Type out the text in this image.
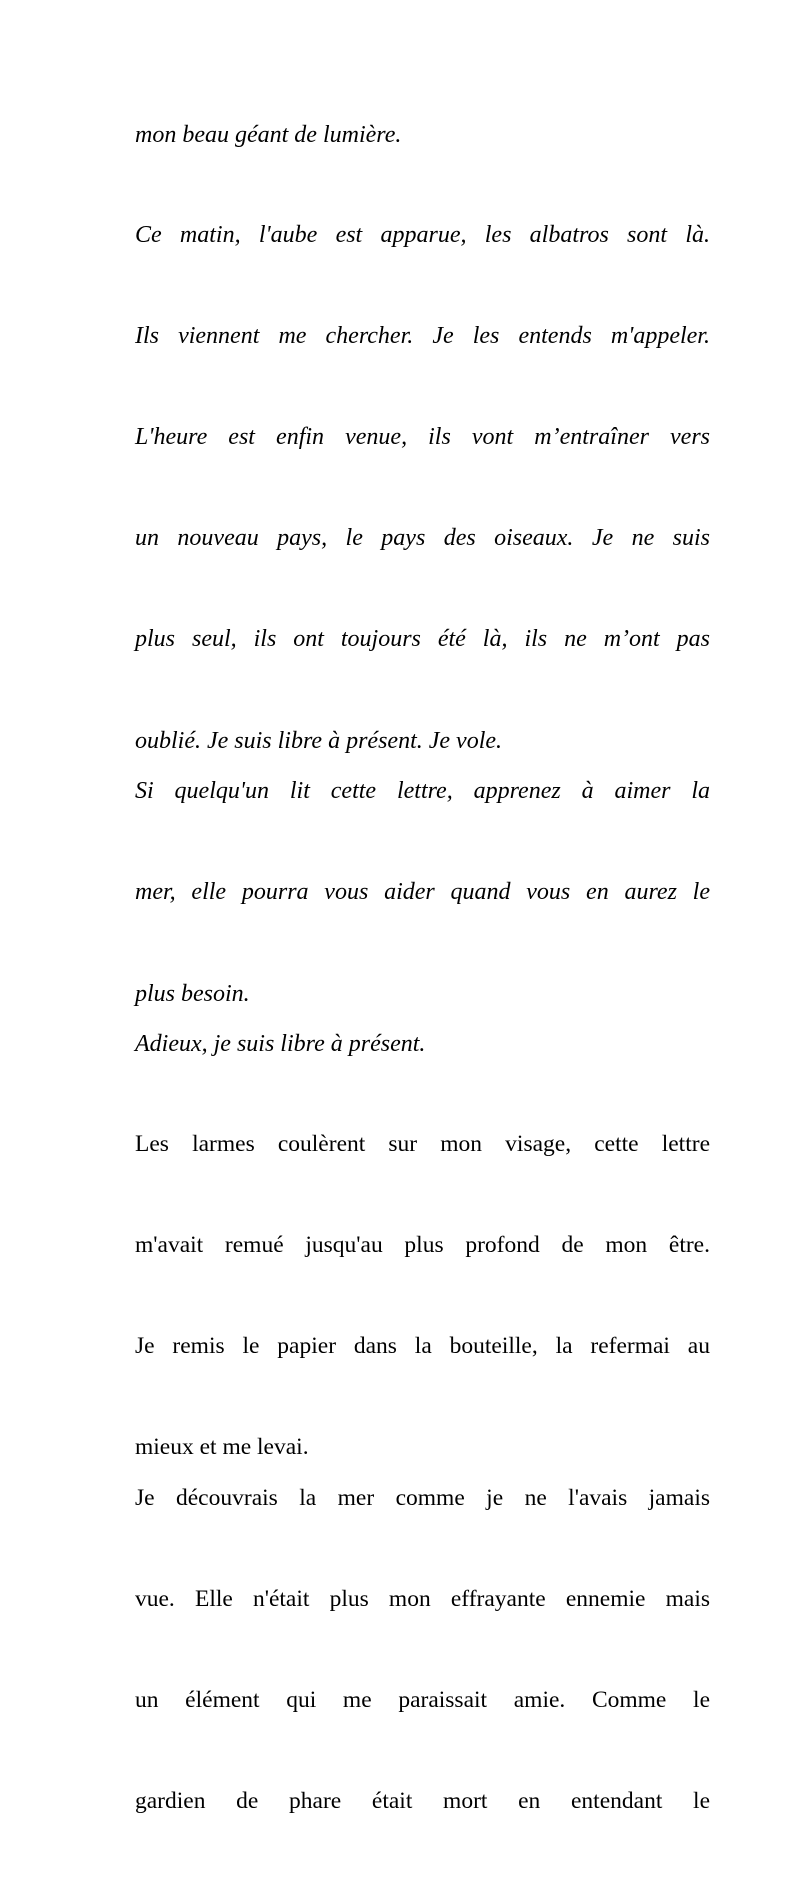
mon beau géant de lumière.

Ce matin, l'aube est apparue, les albatros sont là.
Ils viennent me chercher. Je les entends m'appeler.
L'heure est enfin venue, ils vont m’entraîner vers
un nouveau pays, le pays des oiseaux. Je ne suis
plus seul, ils ont toujours été là, ils ne m’ont pas
oublié. Je suis libre à présent. Je vole.

Si quelqu'un lit cette lettre, apprenez à aimer la
mer, elle pourra vous aider quand vous en aurez le
plus besoin.

Adieux, je suis libre à présent.

Les larmes coulèrent sur mon visage, cette lettre
m'avait remué jusqu'au plus profond de mon être.
Je remis le papier dans la bouteille, la refermai au
mieux et me levai.

Je découvrais la mer comme je ne l'avais jamais
vue. Elle n'était plus mon effrayante ennemie mais
un élément qui me paraissait amie. Comme le
gardien de phare était mort en entendant le
